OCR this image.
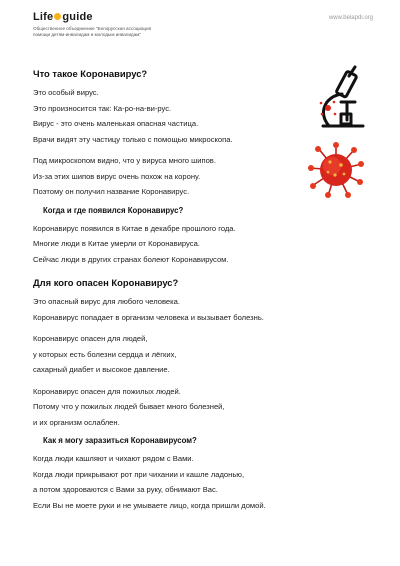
Life guide
Общественное объединение "Белорусская ассоциация
помощи детям-инвалидам и молодым инвалидам"
www.belapdi.org
Что такое Коронавирус?

Это особый вирус.

Это произносится так: Ка-ро-на-ви-рус.

Вирус - это очень маленькая опасная частица.

Врачи видят эту частицу только с помощью микроскопа.

Под микроскопом видно, что у вируса много шипов.

Из-за этих шипов вирус очень похож на корону.

Поэтому он получил название Коронавирус.

Когда и где появился Коронавирус?

Коронавирус появился в Китае в декабре прошлого года.

Многие люди в Китае умерли от Коронавируса.

Сейчас люди в других странах болеют Коронавирусом.

Для кого опасен Коронавирус?

Это опасный вирус для любого человека.

Коронавирус попадает в организм человека и вызывает болезнь.

Коронавирус опасен для людей,

у которых есть болезни сердца и лёгких,

сахарный диабет и высокое давление.

Коронавирус опасен для пожилых людей.

Потому что у пожилых людей бывает много болезней,

и их организм ослаблен.

Как я могу заразиться Коронавирусом?

Когда люди кашляют и чихают рядом с Вами.

Когда люди прикрывают рот при чихании и кашле ладонью,

а потом здороваются с Вами за руку, обнимают Вас.

Если Вы не моете руки и не умываете лицо, когда пришли домой.
